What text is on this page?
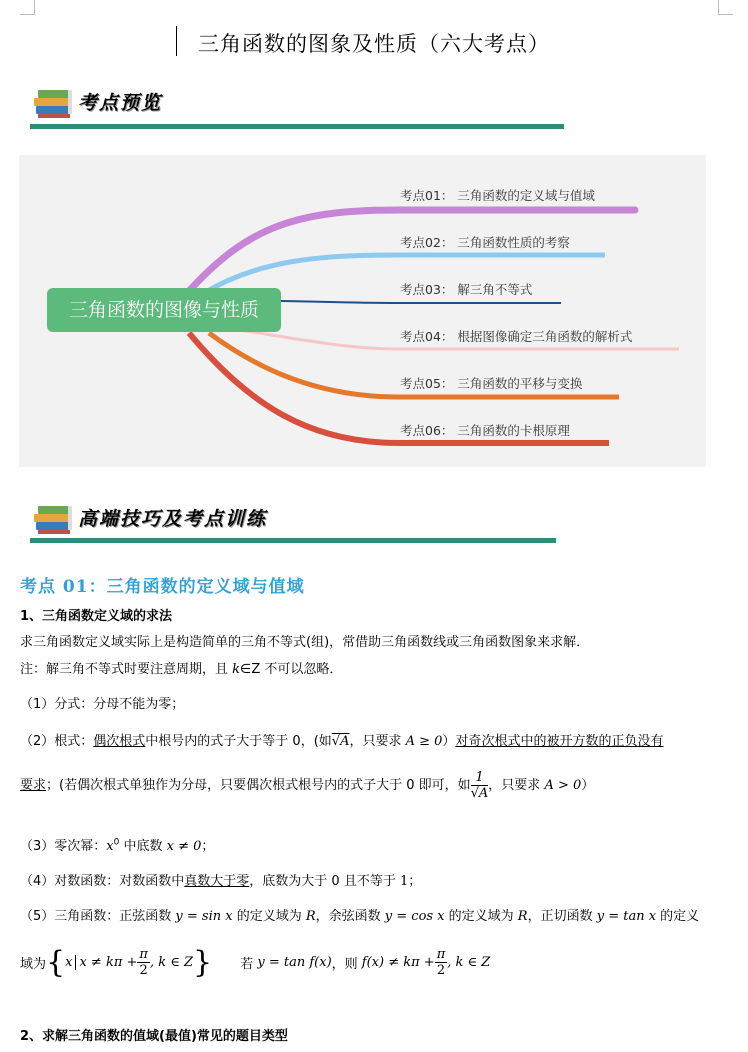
三角函数的图象及性质（六大考点）
考点预览
三角函数的图像与性质
考点01： 三角函数的定义域与值域
考点02： 三角函数性质的考察
考点03： 解三角不等式
考点04： 根据图像确定三角函数的解析式
考点05： 三角函数的平移与变换
考点06： 三角函数的卡根原理
高端技巧及考点训练
考点 01：三角函数的定义域与值域
1、三角函数定义域的求法
求三角函数定义域实际上是构造简单的三角不等式(组)，常借助三角函数线或三角函数图象来求解．
注：解三角不等式时要注意周期，且 k∈Z 不可以忽略．
（1）分式：分母不能为零；
（2）根式：偶次根式中根号内的式子大于等于 0，(如√A，只要求 A ≥ 0）对奇次根式中的被开方数的正负没有
要求；(若偶次根式单独作为分母，只要偶次根式根号内的式子大于 0 即可，如 $\frac{1}{√A}$ ，只要求 A > 0）
（3）零次幂：$x^0$ 中底数 x ≠ 0；
（4）对数函数：对数函数中真数大于零，底数为大于 0 且不等于 1；
（5）三角函数：正弦函数 y = sin x 的定义域为 R，余弦函数 y = cos x 的定义域为 R，正切函数 y = tan x 的定义
域为{x $x \ne k\pi + \frac{\pi}{2}$ , k ∈ Z} 若 y = tan f(x)，则 $f(x) \ne k\pi + \frac{\pi}{2}$ , k ∈ Z
2、求解三角函数的值域(最值)常见的题目类型
